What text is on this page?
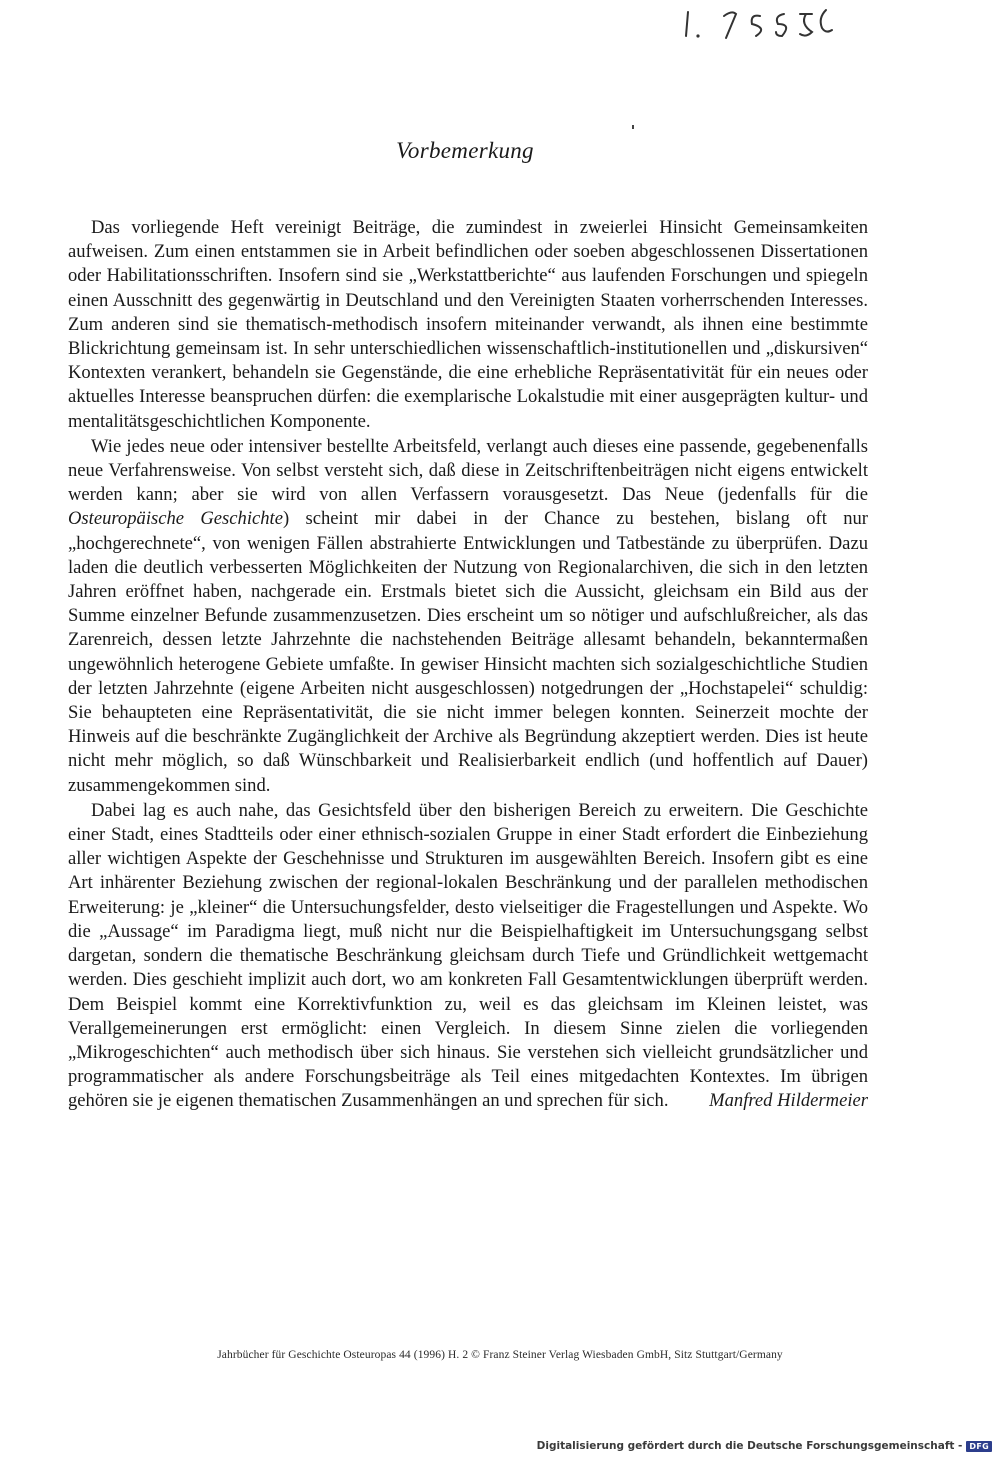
Vorbemerkung

Das vorliegende Heft vereinigt Beiträge, die zumindest in zweierlei Hinsicht Gemeinsamkeiten aufweisen. Zum einen entstammen sie in Arbeit befindlichen oder soeben abgeschlossenen Dissertationen oder Habilitationsschriften. Insofern sind sie „Werkstattberichte“ aus laufenden Forschungen und spiegeln einen Ausschnitt des gegenwärtig in Deutschland und den Vereinigten Staaten vorherrschenden Interesses. Zum anderen sind sie thematisch-methodisch insofern miteinander verwandt, als ihnen eine bestimmte Blickrichtung gemeinsam ist. In sehr unterschiedlichen wissenschaftlich-institutionellen und „diskursiven“ Kontexten verankert, behandeln sie Gegenstände, die eine erhebliche Repräsentativität für ein neues oder aktuelles Interesse beanspruchen dürfen: die exemplarische Lokalstudie mit einer ausgeprägten kultur- und mentalitätsgeschichtlichen Komponente.

Wie jedes neue oder intensiver bestellte Arbeitsfeld, verlangt auch dieses eine passende, gegebenenfalls neue Verfahrensweise. Von selbst versteht sich, daß diese in Zeitschriftenbeiträgen nicht eigens entwickelt werden kann; aber sie wird von allen Verfassern vorausgesetzt. Das Neue (jedenfalls für die Osteuropäische Geschichte) scheint mir dabei in der Chance zu bestehen, bislang oft nur „hochgerechnete“, von wenigen Fällen abstrahierte Entwicklungen und Tatbestände zu überprüfen. Dazu laden die deutlich verbesserten Möglichkeiten der Nutzung von Regionalarchiven, die sich in den letzten Jahren eröffnet haben, nachgerade ein. Erstmals bietet sich die Aussicht, gleichsam ein Bild aus der Summe einzelner Befunde zusammenzusetzen. Dies erscheint um so nötiger und aufschlußreicher, als das Zarenreich, dessen letzte Jahrzehnte die nachstehenden Beiträge allesamt behandeln, bekanntermaßen ungewöhnlich heterogene Gebiete umfaßte. In gewiser Hinsicht machten sich sozialgeschichtliche Studien der letzten Jahrzehnte (eigene Arbeiten nicht ausgeschlossen) notgedrungen der „Hochstapelei“ schuldig: Sie behaupteten eine Repräsentativität, die sie nicht immer belegen konnten. Seinerzeit mochte der Hinweis auf die beschränkte Zugänglichkeit der Archive als Begründung akzeptiert werden. Dies ist heute nicht mehr möglich, so daß Wünschbarkeit und Realisierbarkeit endlich (und hoffentlich auf Dauer) zusammengekommen sind.

Dabei lag es auch nahe, das Gesichtsfeld über den bisherigen Bereich zu erweitern. Die Geschichte einer Stadt, eines Stadtteils oder einer ethnisch-sozialen Gruppe in einer Stadt erfordert die Einbeziehung aller wichtigen Aspekte der Geschehnisse und Strukturen im ausgewählten Bereich. Insofern gibt es eine Art inhärenter Beziehung zwischen der regional-lokalen Beschränkung und der parallelen methodischen Erweiterung: je „kleiner“ die Untersuchungsfelder, desto vielseitiger die Fragestellungen und Aspekte. Wo die „Aussage“ im Paradigma liegt, muß nicht nur die Beispielhaftigkeit im Untersuchungsgang selbst dargetan, sondern die thematische Beschränkung gleichsam durch Tiefe und Gründlichkeit wettgemacht werden. Dies geschieht implizit auch dort, wo am konkreten Fall Gesamtentwicklungen überprüft werden. Dem Beispiel kommt eine Korrektivfunktion zu, weil es das gleichsam im Kleinen leistet, was Verallgemeinerungen erst ermöglicht: einen Vergleich. In diesem Sinne zielen die vorliegenden „Mikrogeschichten“ auch methodisch über sich hinaus. Sie verstehen sich vielleicht grundsätzlicher und programmatischer als andere Forschungsbeiträge als Teil eines mitgedachten Kontextes. Im übrigen gehören sie je eigenen thematischen Zusammenhängen an und sprechen für sich. Manfred Hildermeier

Jahrbücher für Geschichte Osteuropas 44 (1996) H. 2 © Franz Steiner Verlag Wiesbaden GmbH, Sitz Stuttgart/Germany
Digitalisierung gefördert durch die Deutsche Forschungsgemeinschaft - DFG
